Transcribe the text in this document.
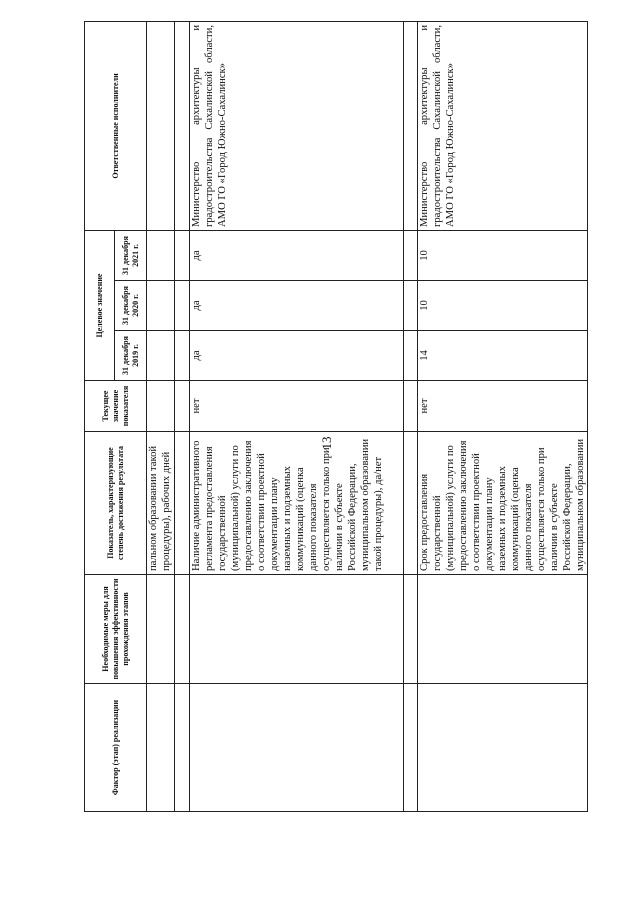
13
Фактор (этап) реализации	Необходимые меры для повышения эффективности прохождения этапов	Показатель, характеризующие степень достижения результата	Текущее значение показателя	Целевое значение			Ответственные исполнители
				31 декабря 2019 г.	31 декабря 2020 г.	31 декабря 2021 г.	
		пальном образовании такой процедуры), рабочих дней					

		Наличие административного регламента предоставления государственной (муниципальной) услуги по предоставлению заключения о соответствии проектной документации плану наземных и подземных коммуникаций (оценка данного показателя осуществляется только при наличии в субъекте Российской Федерации, муниципальном образовании такой процедуры), да/нет	нет	да	да	да	Министерство архитектуры и градостроительства Сахалинской области, АМО ГО «Город Южно-Сахалинск»

		Срок предоставления государственной (муниципальной) услуги по предоставлению заключения о соответствии проектной документации плану наземных и подземных коммуникаций (оценка данного показателя осуществляется только при наличии в субъекте Российской Федерации, муниципальном образовании	нет	14	10	10	Министерство архитектуры и градостроительства Сахалинской области, АМО ГО «Город Южно-Сахалинск»
